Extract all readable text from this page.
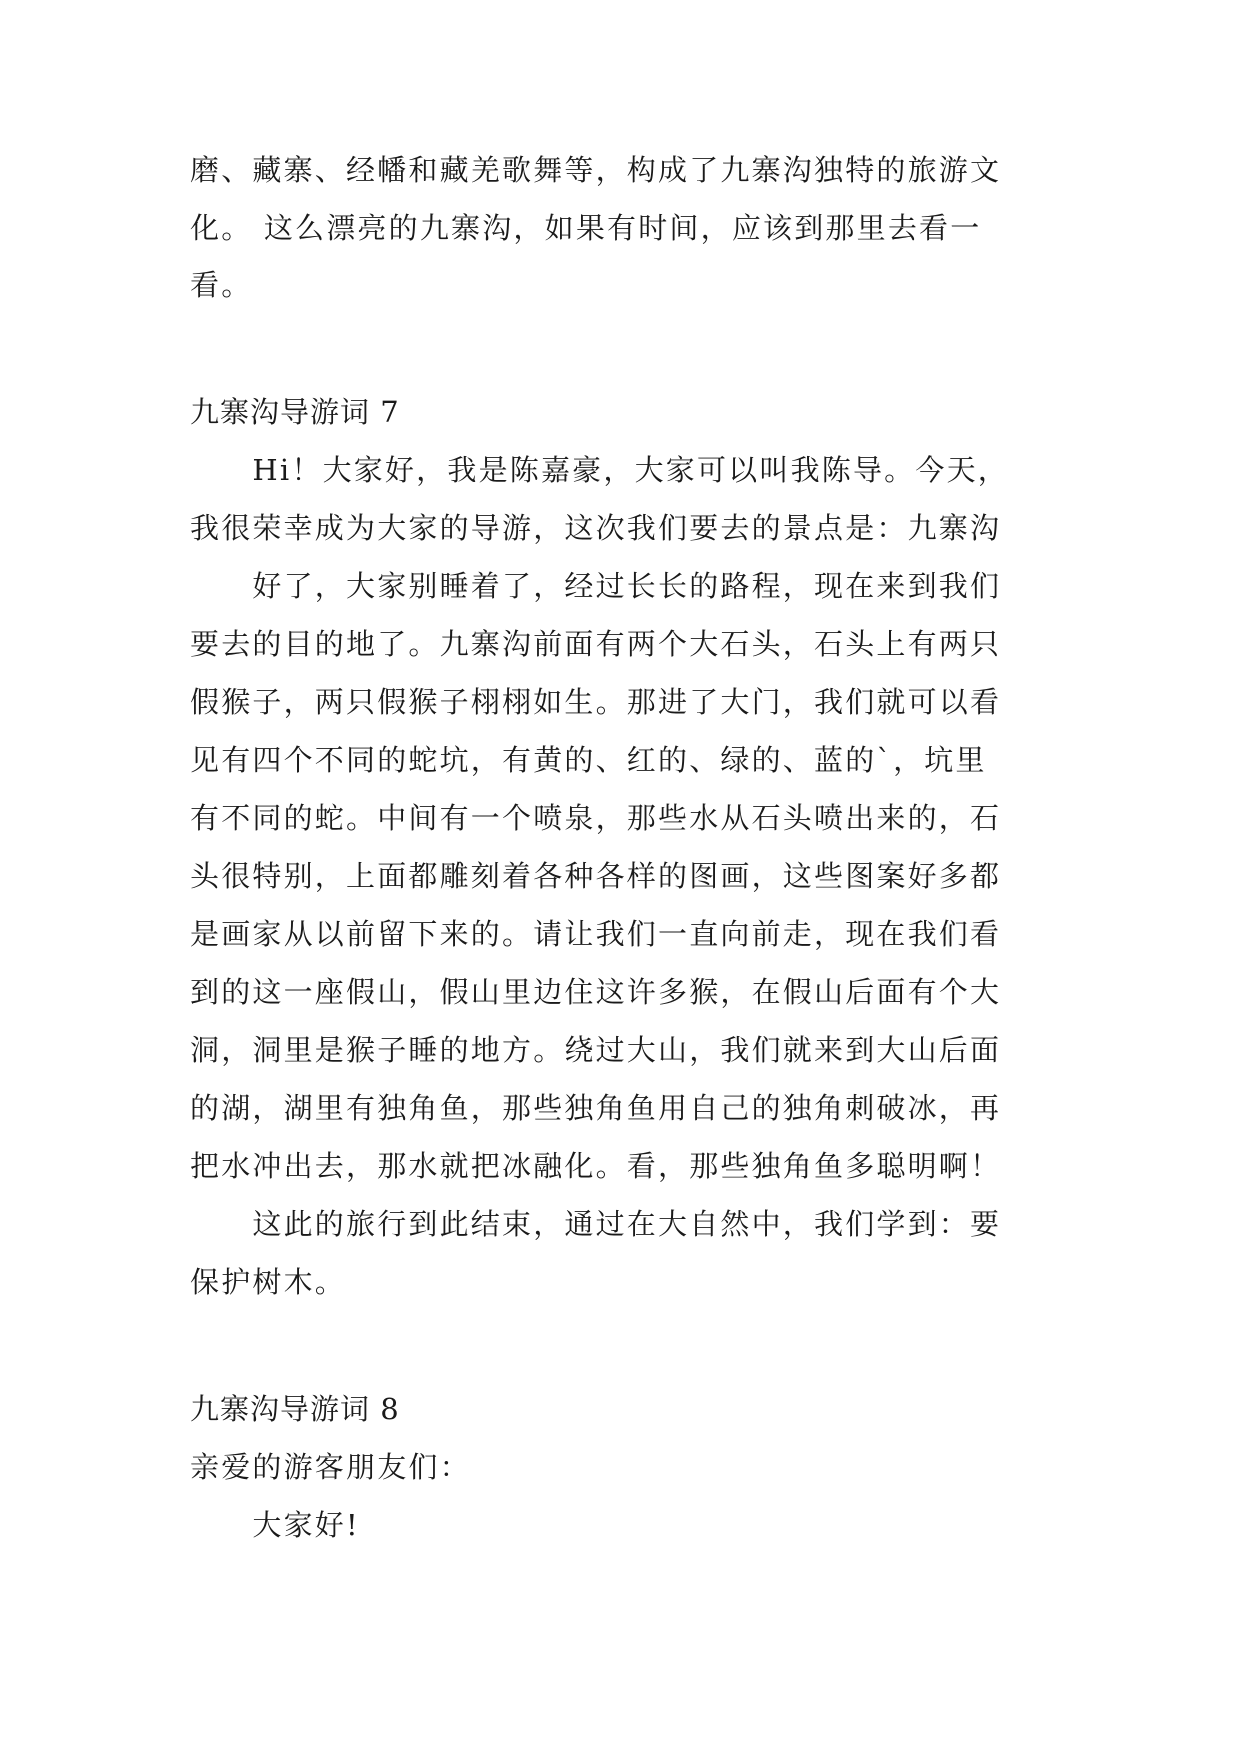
磨、藏寨、经幡和藏羌歌舞等，构成了九寨沟独特的旅游文
化。 这么漂亮的九寨沟，如果有时间，应该到那里去看一
看。
九寨沟导游词 7
　　Hi！大家好，我是陈嘉豪，大家可以叫我陈导。今天，
我很荣幸成为大家的导游，这次我们要去的景点是：九寨沟
　　好了，大家别睡着了，经过长长的路程，现在来到我们
要去的目的地了。九寨沟前面有两个大石头，石头上有两只
假猴子，两只假猴子栩栩如生。那进了大门，我们就可以看
见有四个不同的蛇坑，有黄的、红的、绿的、蓝的`，坑里
有不同的蛇。中间有一个喷泉，那些水从石头喷出来的，石
头很特别，上面都雕刻着各种各样的图画，这些图案好多都
是画家从以前留下来的。请让我们一直向前走，现在我们看
到的这一座假山，假山里边住这许多猴，在假山后面有个大
洞，洞里是猴子睡的地方。绕过大山，我们就来到大山后面
的湖，湖里有独角鱼，那些独角鱼用自己的独角刺破冰，再
把水冲出去，那水就把冰融化。看，那些独角鱼多聪明啊！
　　这此的旅行到此结束，通过在大自然中，我们学到：要
保护树木。
九寨沟导游词 8
亲爱的游客朋友们：
　　大家好!
